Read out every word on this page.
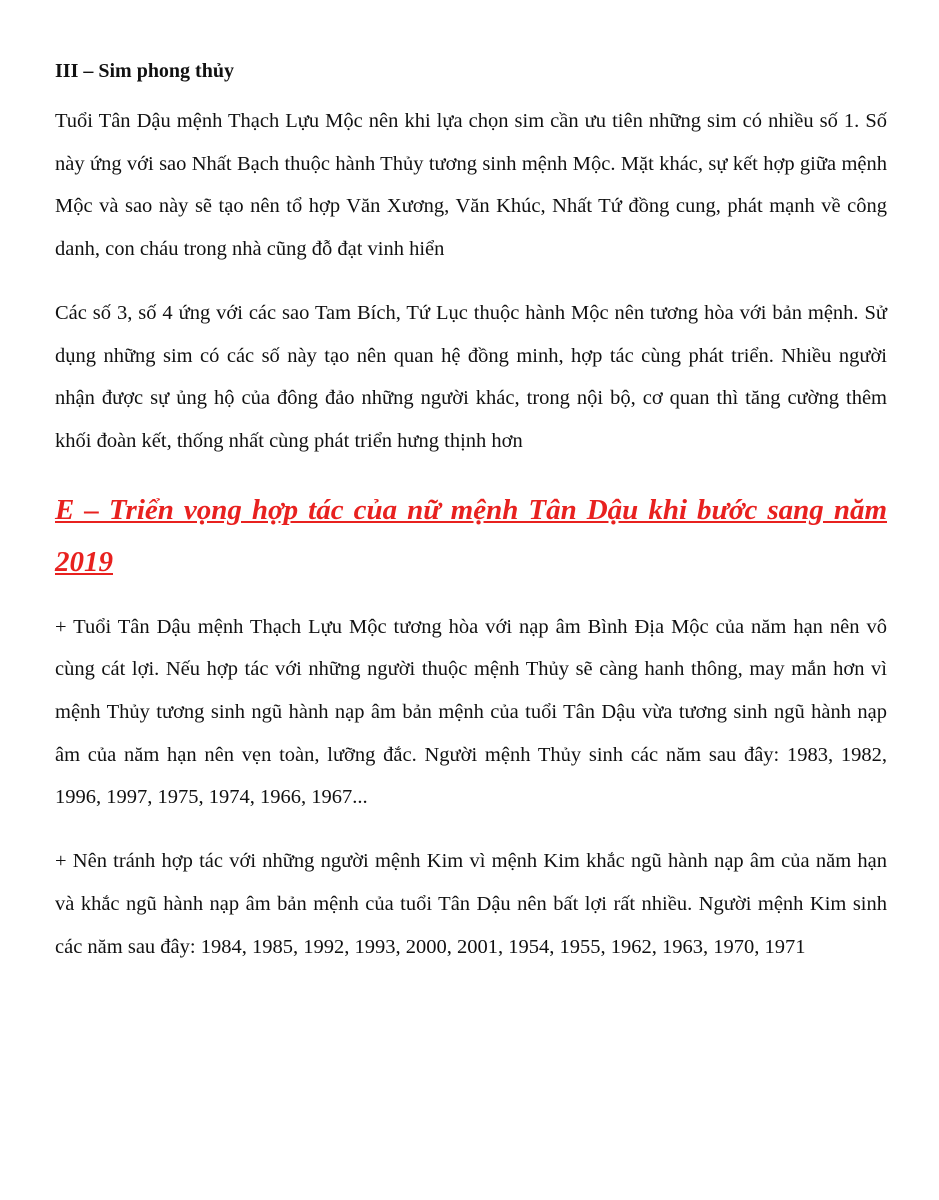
III – Sim phong thủy

Tuổi Tân Dậu mệnh Thạch Lựu Mộc nên khi lựa chọn sim cần ưu tiên những sim có nhiều số 1. Số này ứng với sao Nhất Bạch thuộc hành Thủy tương sinh mệnh Mộc. Mặt khác, sự kết hợp giữa mệnh Mộc và sao này sẽ tạo nên tổ hợp Văn Xương, Văn Khúc, Nhất Tứ đồng cung, phát mạnh về công danh, con cháu trong nhà cũng đỗ đạt vinh hiển

Các số 3, số 4 ứng với các sao Tam Bích, Tứ Lục thuộc hành Mộc nên tương hòa với bản mệnh. Sử dụng những sim có các số này tạo nên quan hệ đồng minh, hợp tác cùng phát triển. Nhiều người nhận được sự ủng hộ của đông đảo những người khác, trong nội bộ, cơ quan thì tăng cường thêm khối đoàn kết, thống nhất cùng phát triển hưng thịnh hơn

E – Triển vọng hợp tác của nữ mệnh Tân Dậu khi bước sang năm 2019

+ Tuổi Tân Dậu mệnh Thạch Lựu Mộc tương hòa với nạp âm Bình Địa Mộc của năm hạn nên vô cùng cát lợi. Nếu hợp tác với những người thuộc mệnh Thủy sẽ càng hanh thông, may mắn hơn vì mệnh Thủy tương sinh ngũ hành nạp âm bản mệnh của tuổi Tân Dậu vừa tương sinh ngũ hành nạp âm của năm hạn nên vẹn toàn, lưỡng đắc. Người mệnh Thủy sinh các năm sau đây: 1983, 1982, 1996, 1997, 1975, 1974, 1966, 1967...

+ Nên tránh hợp tác với những người mệnh Kim vì mệnh Kim khắc ngũ hành nạp âm của năm hạn và khắc ngũ hành nạp âm bản mệnh của tuổi Tân Dậu nên bất lợi rất nhiều. Người mệnh Kim sinh các năm sau đây: 1984, 1985, 1992, 1993, 2000, 2001, 1954, 1955, 1962, 1963, 1970, 1971
